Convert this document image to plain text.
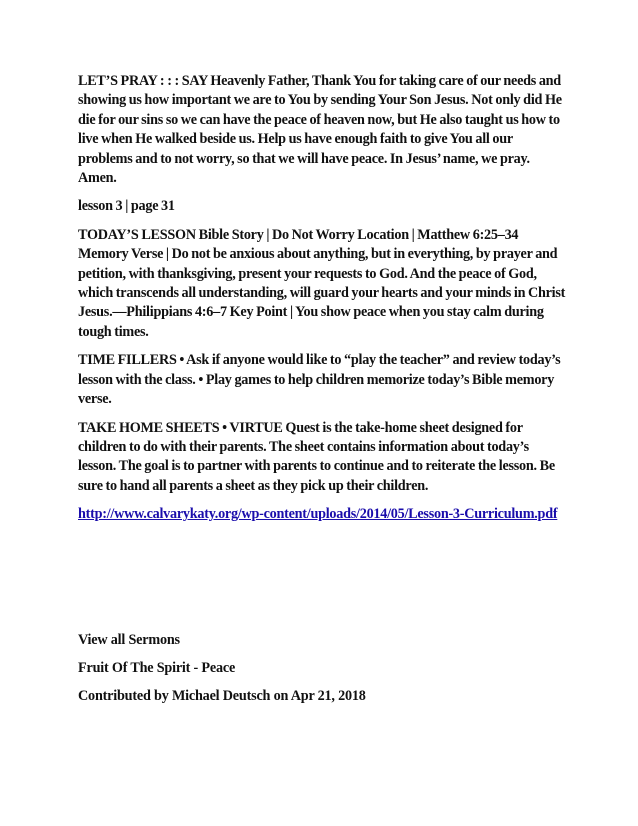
LET’S PRAY : : : SAY Heavenly Father, Thank You for taking care of our needs and showing us how important we are to You by sending Your Son Jesus. Not only did He die for our sins so we can have the peace of heaven now, but He also taught us how to live when He walked beside us. Help us have enough faith to give You all our problems and to not worry, so that we will have peace. In Jesus’ name, we pray. Amen.

lesson 3 | page 31

TODAY’S LESSON Bible Story | Do Not Worry Location | Matthew 6:25–34 Memory Verse | Do not be anxious about anything, but in everything, by prayer and petition, with thanksgiving, present your requests to God. And the peace of God, which transcends all understanding, will guard your hearts and your minds in Christ Jesus.—Philippians 4:6–7 Key Point | You show peace when you stay calm during tough times.

TIME FILLERS • Ask if anyone would like to “play the teacher” and review today’s lesson with the class. • Play games to help children memorize today’s Bible memory verse.

TAKE HOME SHEETS • VIRTUE Quest is the take-home sheet designed for children to do with their parents. The sheet contains information about today’s lesson. The goal is to partner with parents to continue and to reiterate the lesson. Be sure to hand all parents a sheet as they pick up their children.

http://www.calvarykaty.org/wp-content/uploads/2014/05/Lesson-3-Curriculum.pdf

View all Sermons

Fruit Of The Spirit - Peace

Contributed by Michael Deutsch on Apr 21, 2018
